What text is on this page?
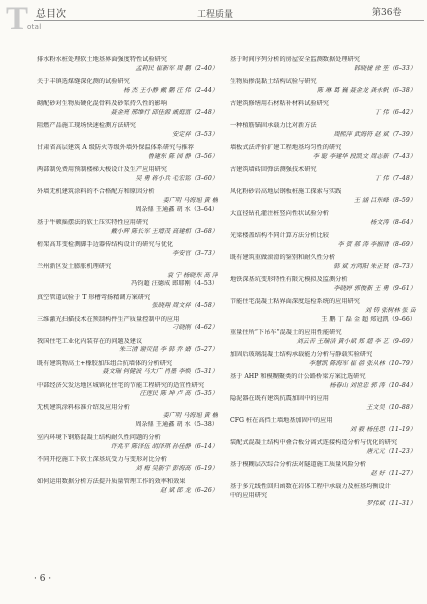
T
otal
总目次	工程质量	第36卷
排水粉水桩处理软土地基界面强度特性试验研究
孟莉民 崔新军 周 鹏（2–40）
关于丰镇选煤缝深化测的试验研究
杨 杰 王小静 戴 鹏 汪 伟（2–44）
砌配砂对生物质硬化混骨料及砂浆持久性的影响
聂金亮 邢维行 邱佳源 戚庭富（2–48）
阻燃产品施工现场快速检测方法研究
安定祥（3–53）
甘肃省高层建筑 A 级防火等级外墙外保温体系研究与推荐
鲁建东 陈 园 静（3–56）
两部制免费用预制楼梯大梭设计及生产应用研究
吴 勇 蒋小兵 毛宏铭（3–60）
外墙无机建筑涂料的不合格配方和原因分析
姜广明 马海旭 黄 楠
周杂鼎 王通鑫 胡 水（3–64）
基于牛顿摇摆法的软土压实特性应用研究
戴小辉 陈长军 王增茂 高建相（3–68）
桁架高耳变检测脚手边器传结构设计的研究与优化
李安官（3–73）
兰州新区发土膨胀机理研究
袁 宁 杨晓东 高 萍
冯钧超 汪德成 郎耶刚（4–53）
真空管道试验于 T 形槽弯扬精调方案研究
张晓翔 周文祥（4–58）
三维激光扫描技术在预制构件生产质量控制中的应用
刁晓刚（4–62）
我国住宅工业化内装存在的问题及建议
朱三清 谢荧昆 李 韩 乔 婧（5–27）
既有建筑物高土+橡胶加压组合抗墙体的分析研究
聂文瑞 何健波 马大广 肖墨 李焕（5–31）
中部经济欠发达地区城镇化住宅的节能工程研究的适宜性研究
汪莲民 陈 坤 卢 高（5–35）
无机建筑涂料标准介绍及应用分析
姜广明 马海旭 黄 楠
周杂鼎 王通鑫 胡 水（5–38）
室内环境下钢筋混凝土结构耐久性问题的分析
许兆平 陈泽伍 胡泽琪 孙佳静（6–14）
不同开挖施工下软土深基坑受力与变形对比分析
刘 梅 吴新宇 彭海高（6–19）
如何运用数据分析方法提升质量管理工作的效率和效果
赵 斌 郎 龙（6–26）
基于时间序列分析的房屋安全监测数据处理研究
韩晓捷 徐 笙（6–33）
生物质掺混黏土结构试验与研究
陈 琳 葛 巍 聂金龙 龚永帆（6–38）
古建筑修缮用石材粘补材料试验研究
丁 伟（6–42）
一种植筋锚固承载力比对新方法
周熙萍 武海符 赵 斌（7–39）
墙板式法评价扩建工程地基均匀性的研究
李 聪 李建华 段凯文 周志新（7–43）
古建筑墙砖回弹法测强技术研究
丁 伟（7–48）
风化粉砂岩高地层钢板桩施工探索与实践
王 涵 吕东峰（8–59）
大直径钻孔灌注桩竖向性状试验分析
杨文涛（8–64）
光梁楼盖结构不同计算方法分析比较
李 贺 郝 涛 李振清（8–69）
既有建筑重做滚滑的鉴别和耐久性分析
韩 斌 方鸿阳 朱正贤（8–73）
地铁深基坑变形特性有限元模拟及监测分析
李晓婷 郭俊新 王 勇（9–61）
节能住宅混凝土粘界面深度巡检系统的应用研究
刘 铸 张树林 张 苗
王 鹏 丁 磊 金 超 郑冠凯（9–66）
重量住所“下吊车”混凝土的应用性能研究
刘云苦 王瑞洁 黄小斌 郑 超 李 艺（9–69）
加固后玻璃混凝土结构承载能力分析与静载实验研究
李慧凯 陈海军 崔 蓓 张从林（10–79）
基于 AHP 和模糊聚类的计公路桥梁方案比选研究
杨春山 刘世忠 郭 涛（10–84）
隐泥器在既有建筑抗震加固中的应用
王文昊（10–88）
CFG 桩在高挡土墙地基加固中的应用
刘 毅 杨佳思（11–19）
装配式混凝土结构中叠合板分离式连接构造分析与优化的研究
唐元元（11–23）
基于模糊层次综合分析法对隧道施工质量风险分析
赵 好（11–27）
基于多元线性回归函数在岩体工程中承载力及桩基均衡设计
中的应用研究
罗伟斌（11–31）
· 6 ·
